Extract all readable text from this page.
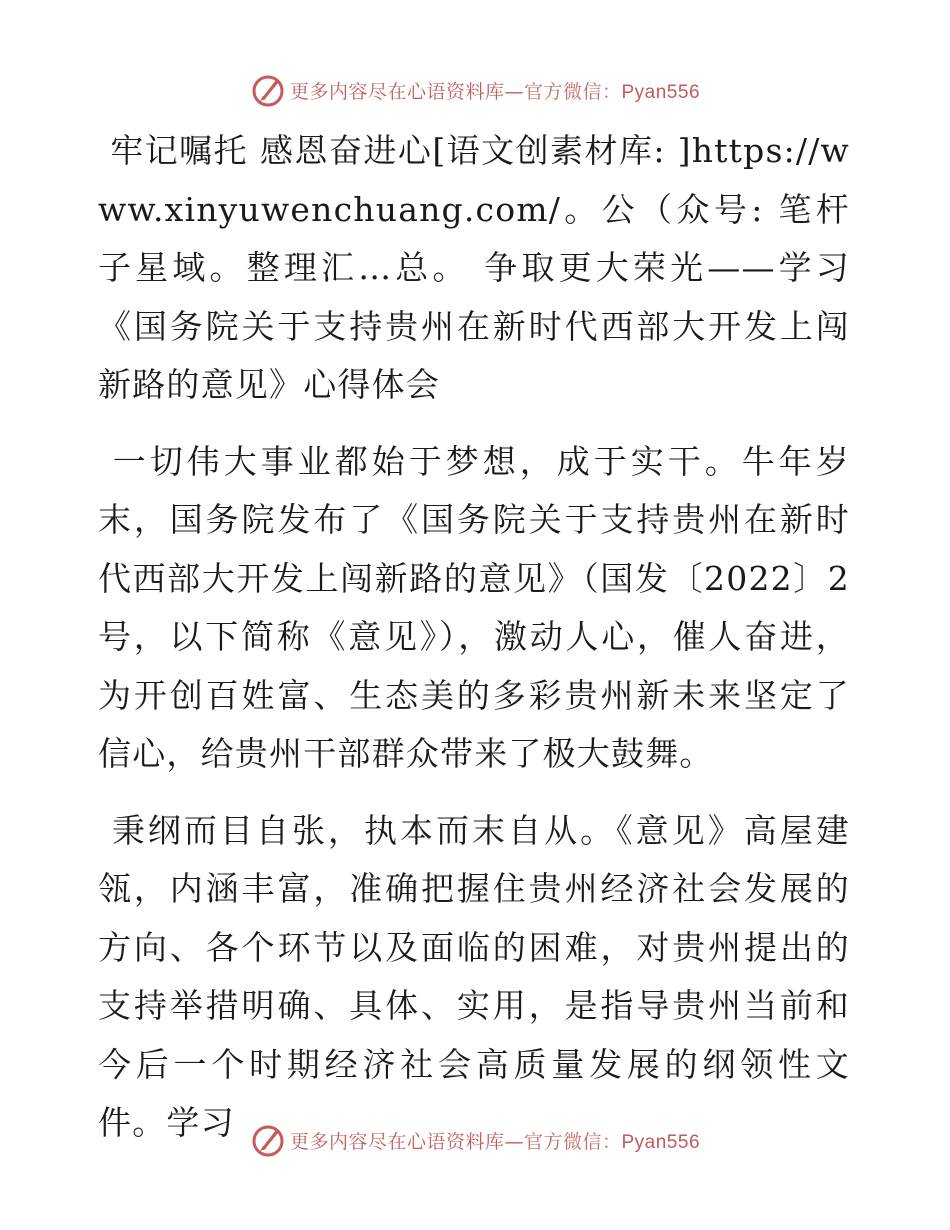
更多内容尽在心语资料库—官方微信：Pyan556

牢记嘱托 感恩奋进心[语文创素材库: ]https://www.xinyuwenchuang.com/。公（众号: 笔杆子星域。整理汇…总。 争取更大荣光——学习《国务院关于支持贵州在新时代西部大开发上闯新路的意见》心得体会

一切伟大事业都始于梦想，成于实干。牛年岁末，国务院发布了《国务院关于支持贵州在新时代西部大开发上闯新路的意见》（国发〔2022〕2号，以下简称《意见》），激动人心，催人奋进，为开创百姓富、生态美的多彩贵州新未来坚定了信心，给贵州干部群众带来了极大鼓舞。

秉纲而目自张，执本而末自从。《意见》高屋建瓴，内涵丰富，准确把握住贵州经济社会发展的方向、各个环节以及面临的困难，对贵州提出的支持举措明确、具体、实用，是指导贵州当前和今后一个时期经济社会高质量发展的纲领性文件。学习	更多内容尽在心语资料库—官方微信：Pyan556
